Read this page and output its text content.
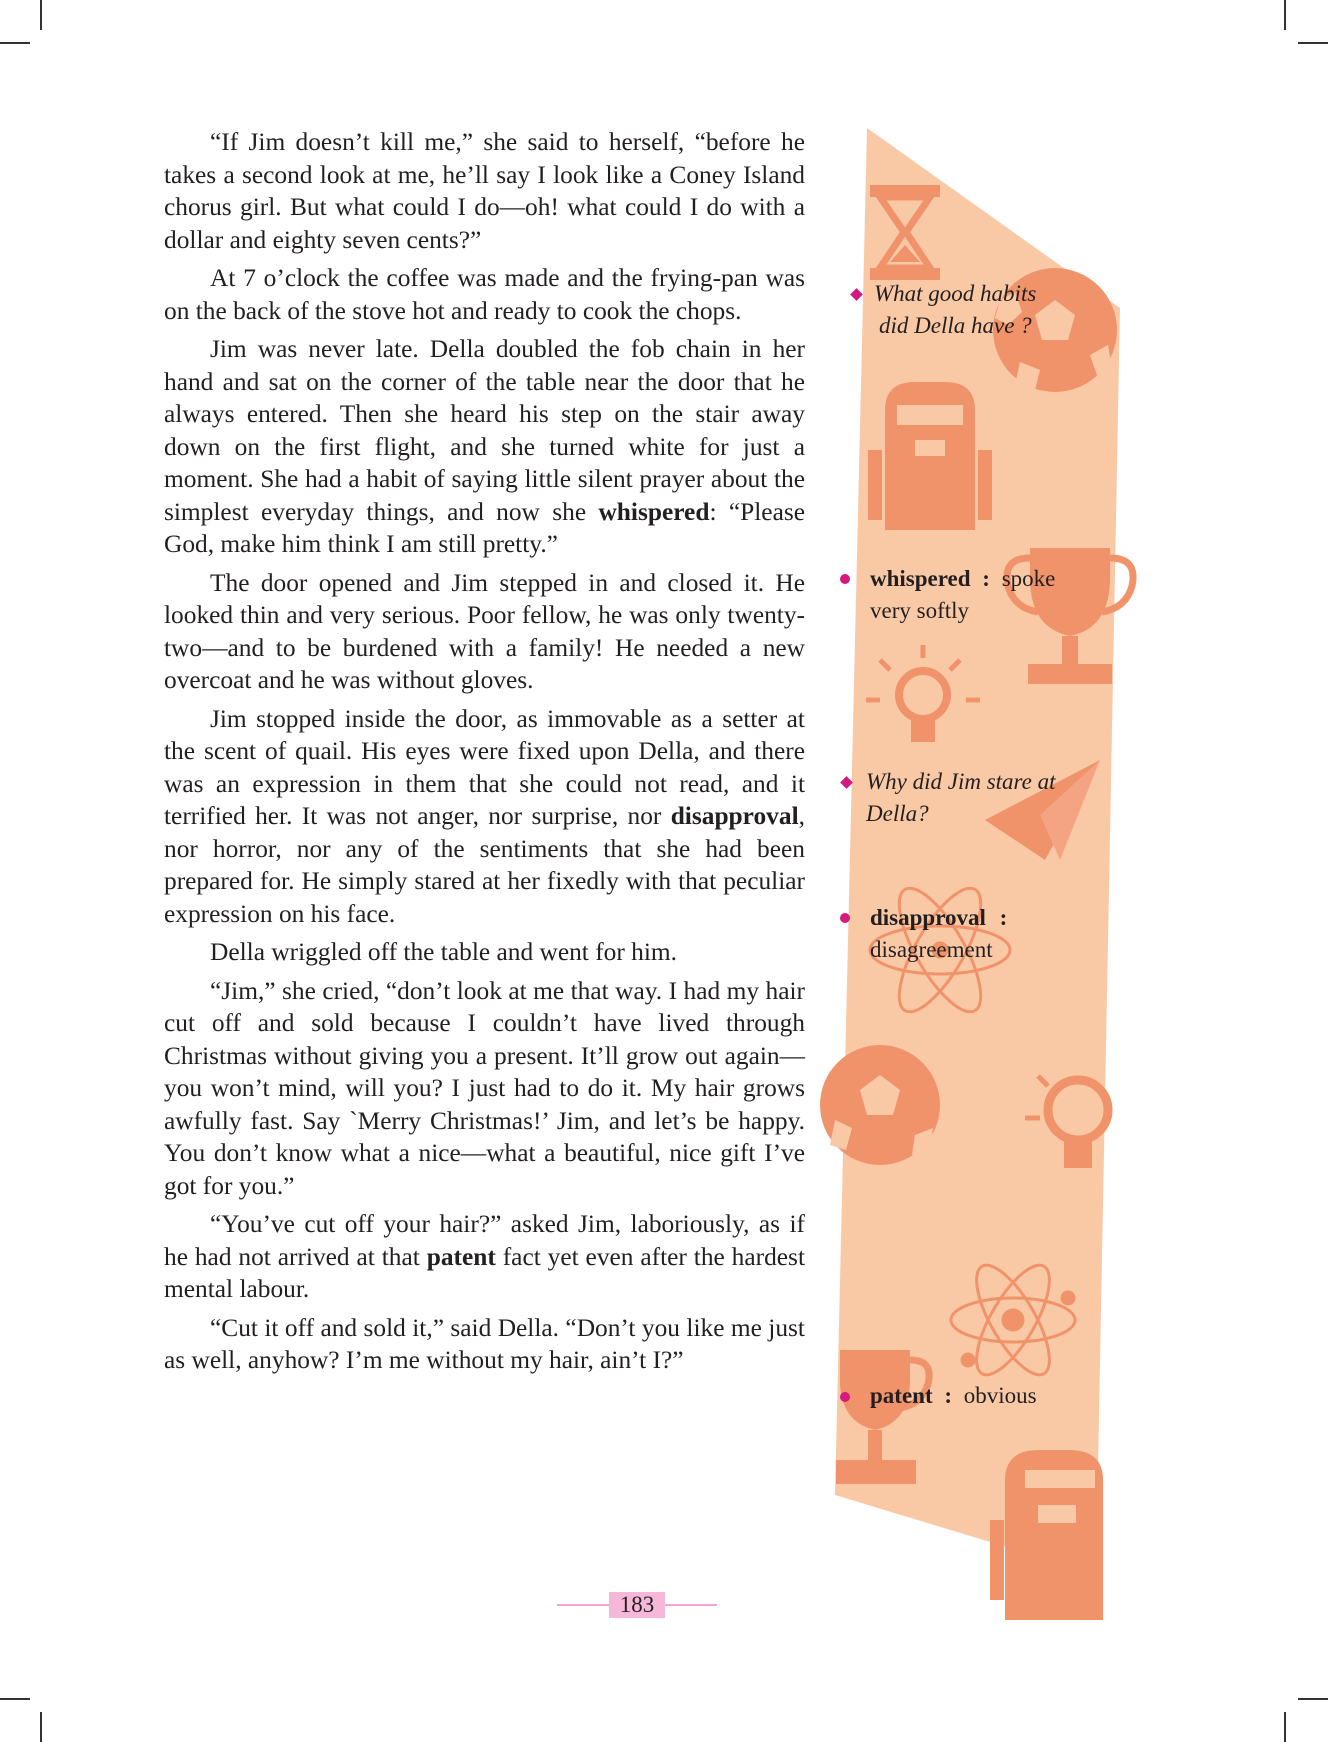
“If Jim doesn’t kill me,” she said to herself, “before he takes a second look at me, he’ll say I look like a Coney Island chorus girl. But what could I do—oh! what could I do with a dollar and eighty seven cents?”

At 7 o’clock the coffee was made and the frying-pan was on the back of the stove hot and ready to cook the chops.

Jim was never late. Della doubled the fob chain in her hand and sat on the corner of the table near the door that he always entered. Then she heard his step on the stair away down on the first flight, and she turned white for just a moment. She had a habit of saying little silent prayer about the simplest everyday things, and now she whispered: “Please God, make him think I am still pretty.”

The door opened and Jim stepped in and closed it. He looked thin and very serious. Poor fellow, he was only twenty-two—and to be burdened with a family! He needed a new overcoat and he was without gloves.

Jim stopped inside the door, as immovable as a setter at the scent of quail. His eyes were fixed upon Della, and there was an expression in them that she could not read, and it terrified her. It was not anger, nor surprise, nor disapproval, nor horror, nor any of the sentiments that she had been prepared for. He simply stared at her fixedly with that peculiar expression on his face.

Della wriggled off the table and went for him.

“Jim,” she cried, “don’t look at me that way. I had my hair cut off and sold because I couldn’t have lived through Christmas without giving you a present. It’ll grow out again—you won’t mind, will you? I just had to do it. My hair grows awfully fast. Say `Merry Christmas!’ Jim, and let’s be happy. You don’t know what a nice—what a beautiful, nice gift I’ve got for you.”

“You’ve cut off your hair?” asked Jim, laboriously, as if he had not arrived at that patent fact yet even after the hardest mental labour.

“Cut it off and sold it,” said Della. “Don’t you like me just as well, anyhow? I’m me without my hair, ain’t I?”

What good habits
did Della have ?
whispered : spoke
very softly
Why did Jim stare at
Della?
disapproval :
disagreement
patent : obvious
183
